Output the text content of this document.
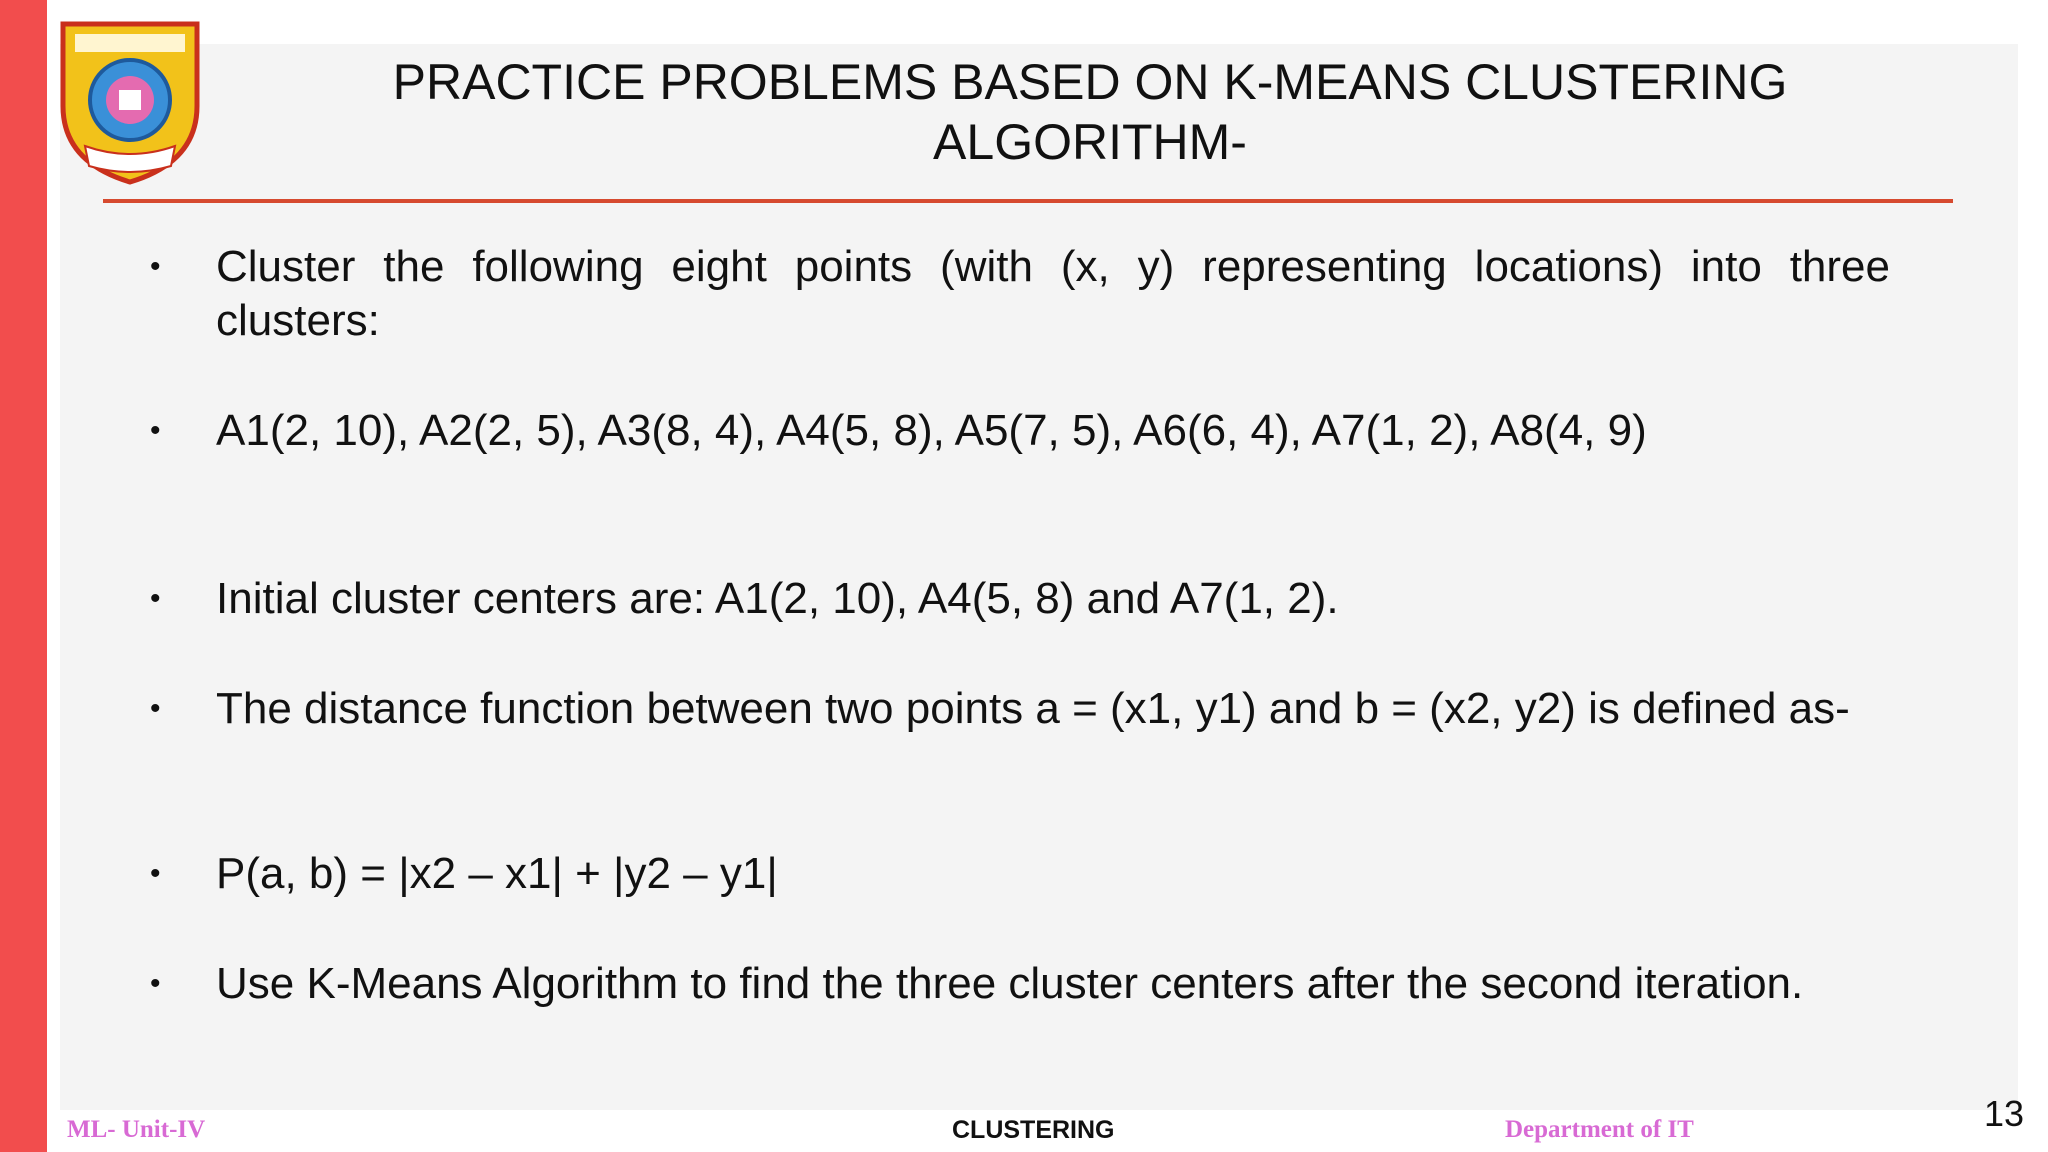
PRACTICE PROBLEMS BASED ON K-MEANS CLUSTERING ALGORITHM-
•	Cluster the following eight points (with (x, y) representing locations) into three clusters:
•	A1(2, 10), A2(2, 5), A3(8, 4), A4(5, 8), A5(7, 5), A6(6, 4), A7(1, 2), A8(4, 9)
•	Initial cluster centers are: A1(2, 10), A4(5, 8) and A7(1, 2).
•	The distance function between two points a = (x1, y1) and b = (x2, y2) is defined as-
•	P(a, b) = |x2 – x1| + |y2 – y1|
•	Use K-Means Algorithm to find the three cluster centers after the second iteration.
ML- Unit-IV	CLUSTERING	Department of IT	13
